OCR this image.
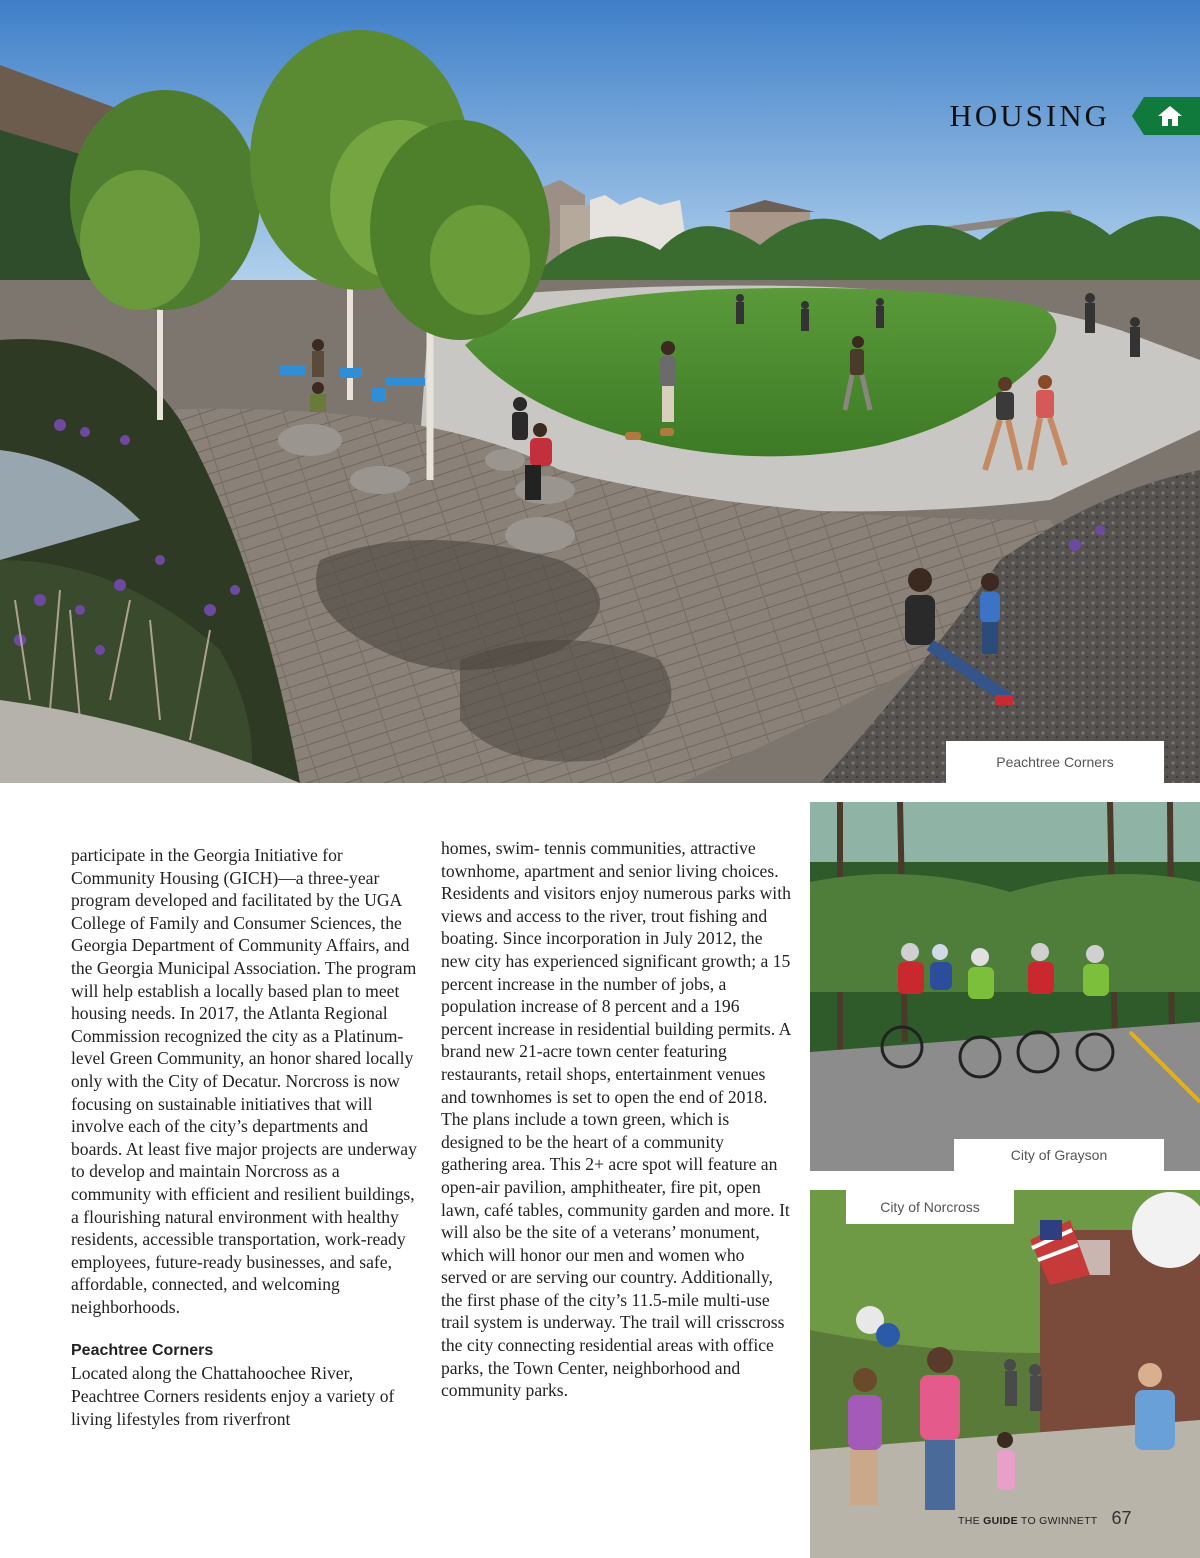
HOUSING
Peachtree Corners

participate in the Georgia Initiative for Community Housing (GICH)—a three-year program developed and facilitated by the UGA College of Family and Consumer Sciences, the Georgia Department of Community Affairs, and the Georgia Municipal Association. The program will help establish a locally based plan to meet housing needs. In 2017, the Atlanta Regional Commission recognized the city as a Platinum-level Green Community, an honor shared locally only with the City of Decatur. Norcross is now focusing on sustainable initiatives that will involve each of the city’s departments and boards. At least five major projects are underway to develop and maintain Norcross as a community with efficient and resilient buildings, a flourishing natural environment with healthy residents, accessible transportation, work-ready employees, future-ready businesses, and safe, affordable, connected, and welcoming neighborhoods.

Peachtree Corners

Located along the Chattahoochee River, Peachtree Corners residents enjoy a variety of living lifestyles from riverfront

homes, swim- tennis communities, attractive townhome, apartment and senior living choices. Residents and visitors enjoy numerous parks with views and access to the river, trout fishing and boating. Since incorporation in July 2012, the new city has experienced significant growth; a 15 percent increase in the number of jobs, a population increase of 8 percent and a 196 percent increase in residential building permits. A brand new 21-acre town center featuring restaurants, retail shops, entertainment venues and townhomes is set to open the end of 2018. The plans include a town green, which is designed to be the heart of a community gathering area. This 2+ acre spot will feature an open-air pavilion, amphitheater, fire pit, open lawn, café tables, community garden and more. It will also be the site of a veterans’ monument, which will honor our men and women who served or are serving our country. Additionally, the first phase of the city’s 11.5-mile multi-use trail system is underway. The trail will crisscross the city connecting residential areas with office parks, the Town Center, neighborhood and community parks.

City of Grayson
City of Norcross
THE GUIDE TO GWINNETT 67
